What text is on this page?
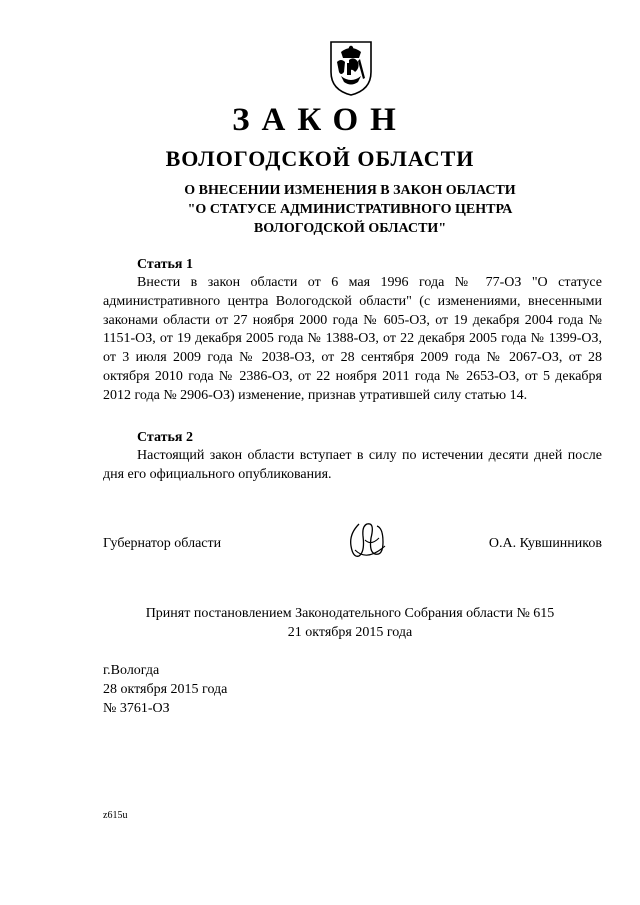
ЗАКОН
ВОЛОГОДСКОЙ ОБЛАСТИ
О ВНЕСЕНИИ ИЗМЕНЕНИЯ В ЗАКОН ОБЛАСТИ
"О СТАТУСЕ АДМИНИСТРАТИВНОГО ЦЕНТРА
ВОЛОГОДСКОЙ ОБЛАСТИ"
Статья 1

Внести в закон области от 6 мая 1996 года № 77-ОЗ "О статусе административного центра Вологодской области" (с изменениями, внесенными законами области от 27 ноября 2000 года № 605-ОЗ, от 19 декабря 2004 года № 1151-ОЗ, от 19 декабря 2005 года № 1388-ОЗ, от 22 декабря 2005 года № 1399-ОЗ, от 3 июля 2009 года № 2038-ОЗ, от 28 сентября 2009 года № 2067-ОЗ, от 28 октября 2010 года № 2386-ОЗ, от 22 ноября 2011 года № 2653-ОЗ, от 5 декабря 2012 года № 2906-ОЗ) изменение, признав утратившей силу статью 14.

Статья 2

Настоящий закон области вступает в силу по истечении десяти дней после дня его официального опубликования.

Губернатор области	О.А. Кувшинников
Принят постановлением Законодательного Собрания области № 615
21 октября 2015 года
г.Вологда
28 октября 2015 года
№ 3761-ОЗ
z615u
